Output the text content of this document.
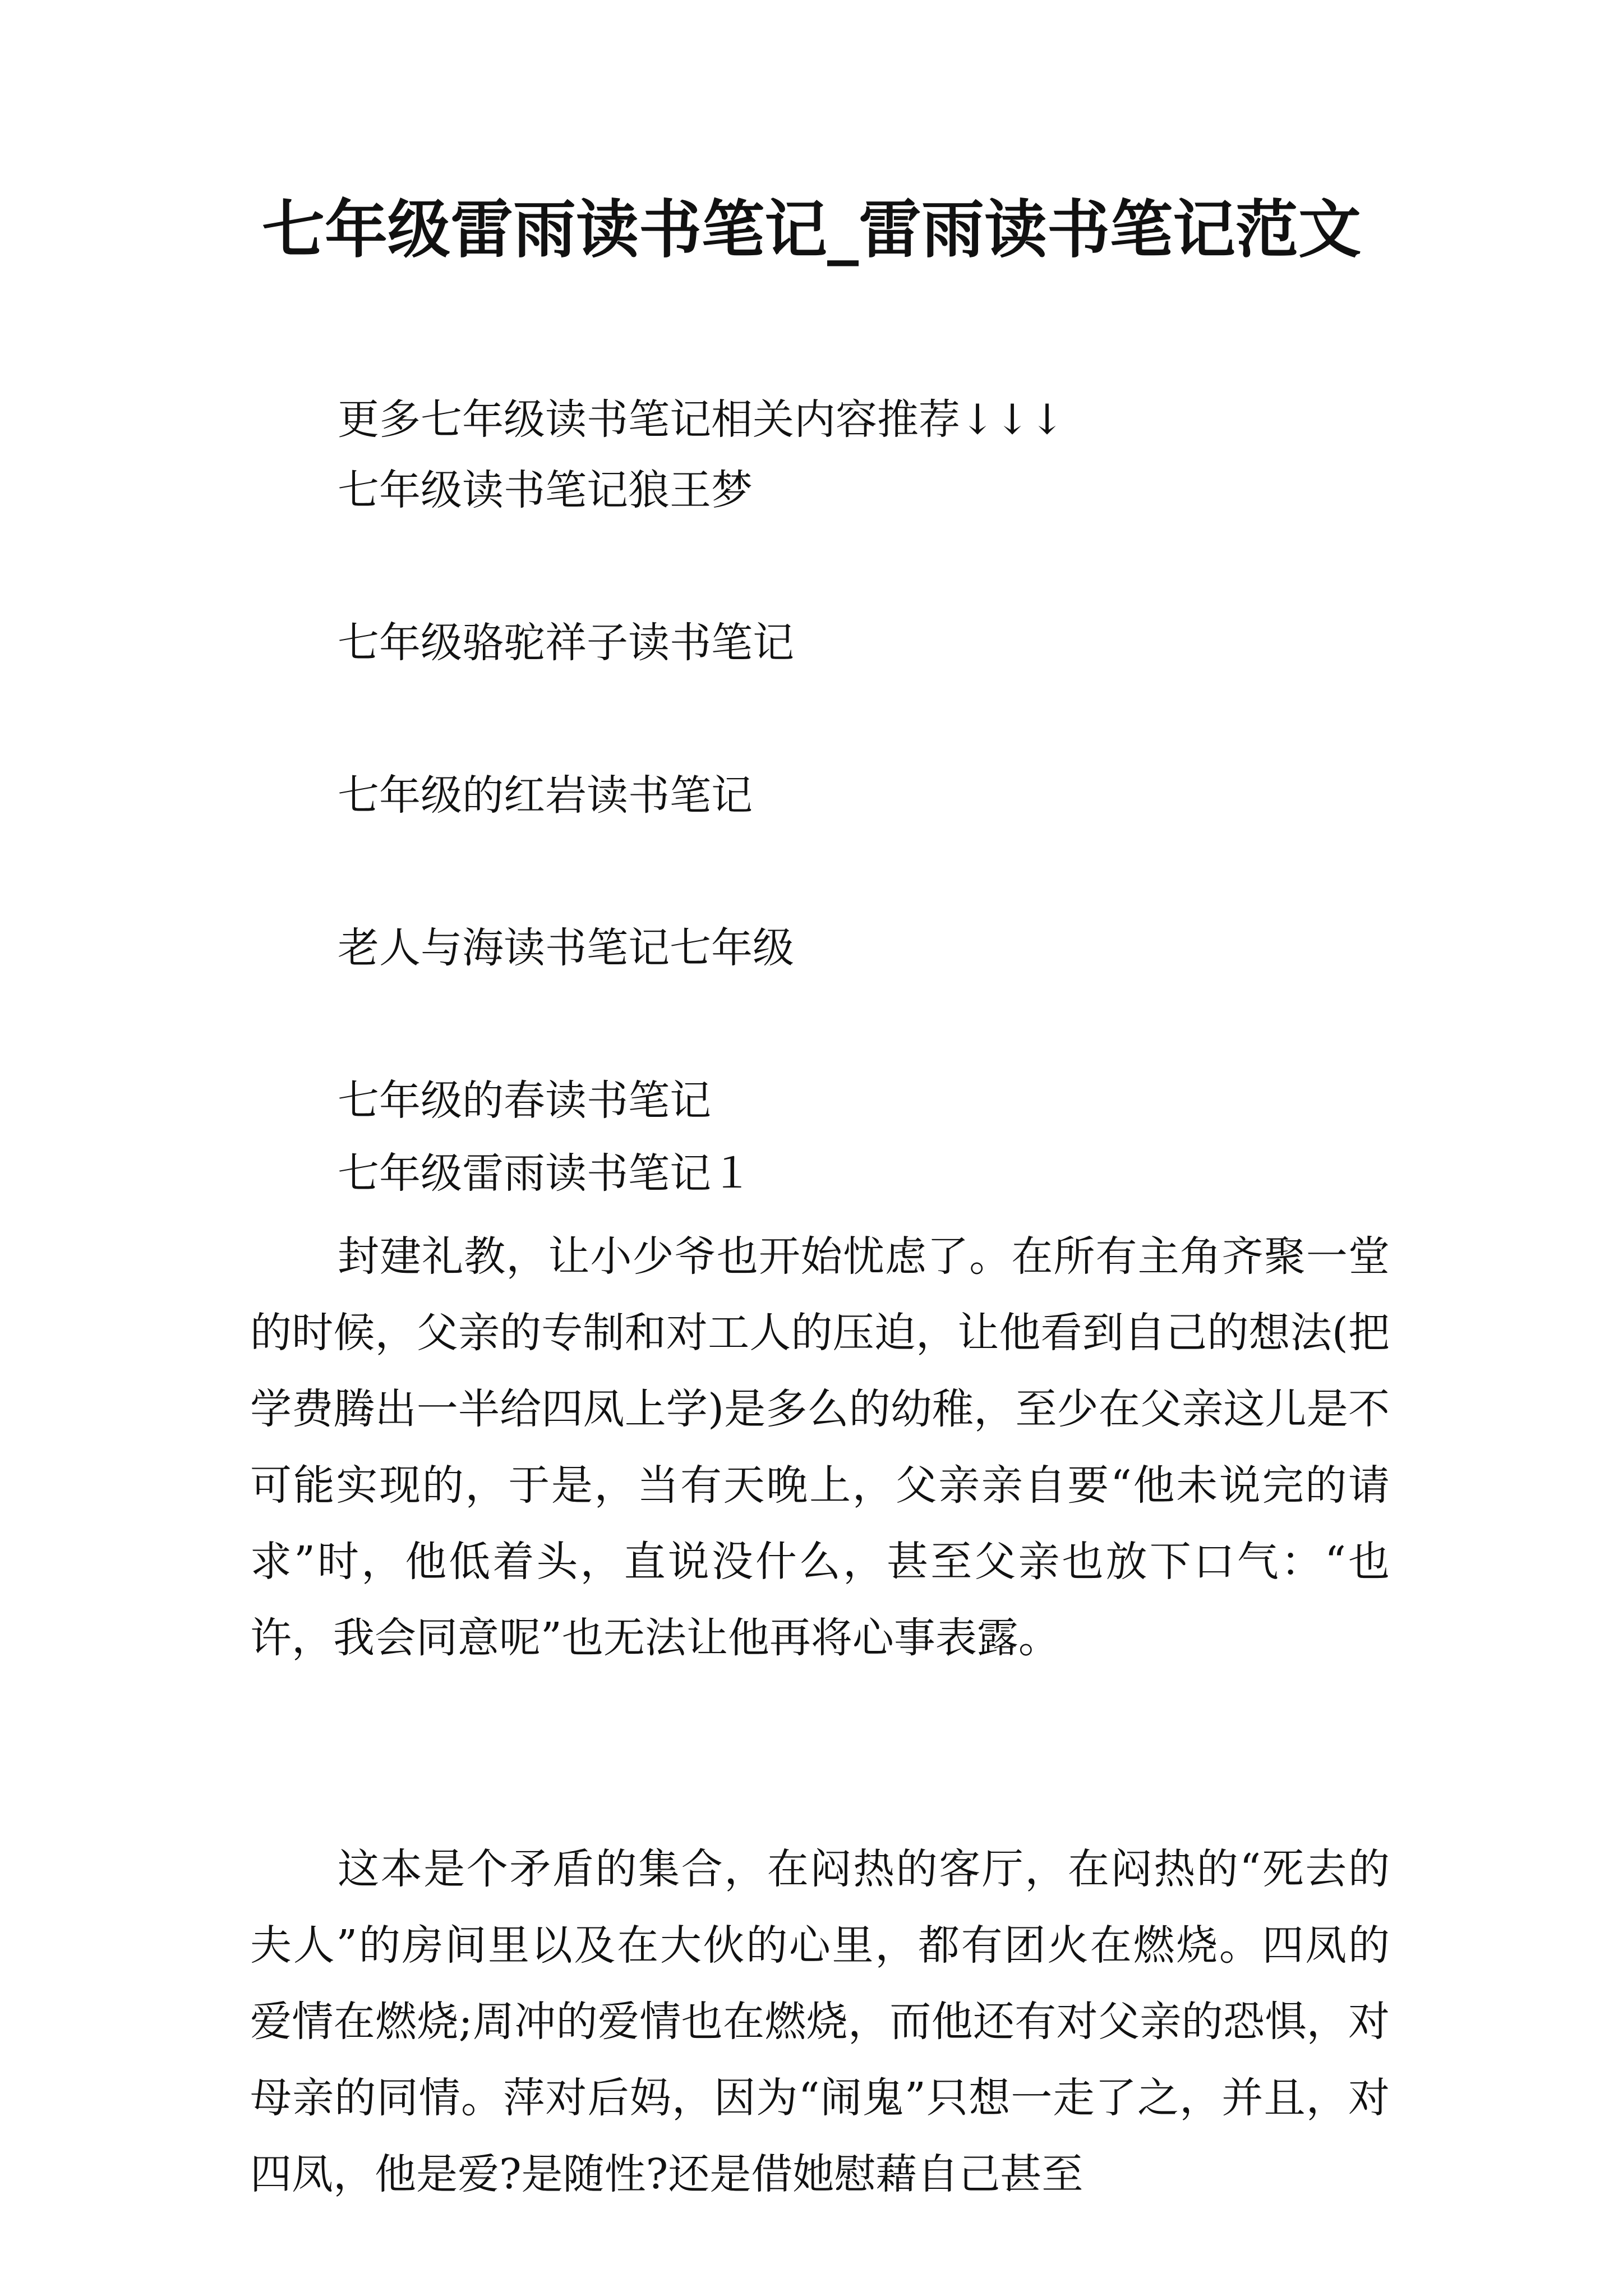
七年级雷雨读书笔记_雷雨读书笔记范文

更多七年级读书笔记相关内容推荐↓↓↓

七年级读书笔记狼王梦

七年级骆驼祥子读书笔记

七年级的红岩读书笔记

老人与海读书笔记七年级

七年级的春读书笔记

七年级雷雨读书笔记１

封建礼教，让小少爷也开始忧虑了。在所有主角齐聚一堂的时候，父亲的专制和对工人的压迫，让他看到自己的想法(把学费腾出一半给四凤上学)是多么的幼稚，至少在父亲这儿是不可能实现的，于是，当有天晚上，父亲亲自要“他未说完的请求”时，他低着头，直说没什么，甚至父亲也放下口气：“也许，我会同意呢”也无法让他再将心事表露。

这本是个矛盾的集合，在闷热的客厅，在闷热的“死去的夫人”的房间里以及在大伙的心里，都有团火在燃烧。四凤的爱情在燃烧;周冲的爱情也在燃烧，而他还有对父亲的恐惧，对母亲的同情。萍对后妈，因为“闹鬼”只想一走了之，并且，对四凤，他是爱?是随性?还是借她慰藉自己甚至
